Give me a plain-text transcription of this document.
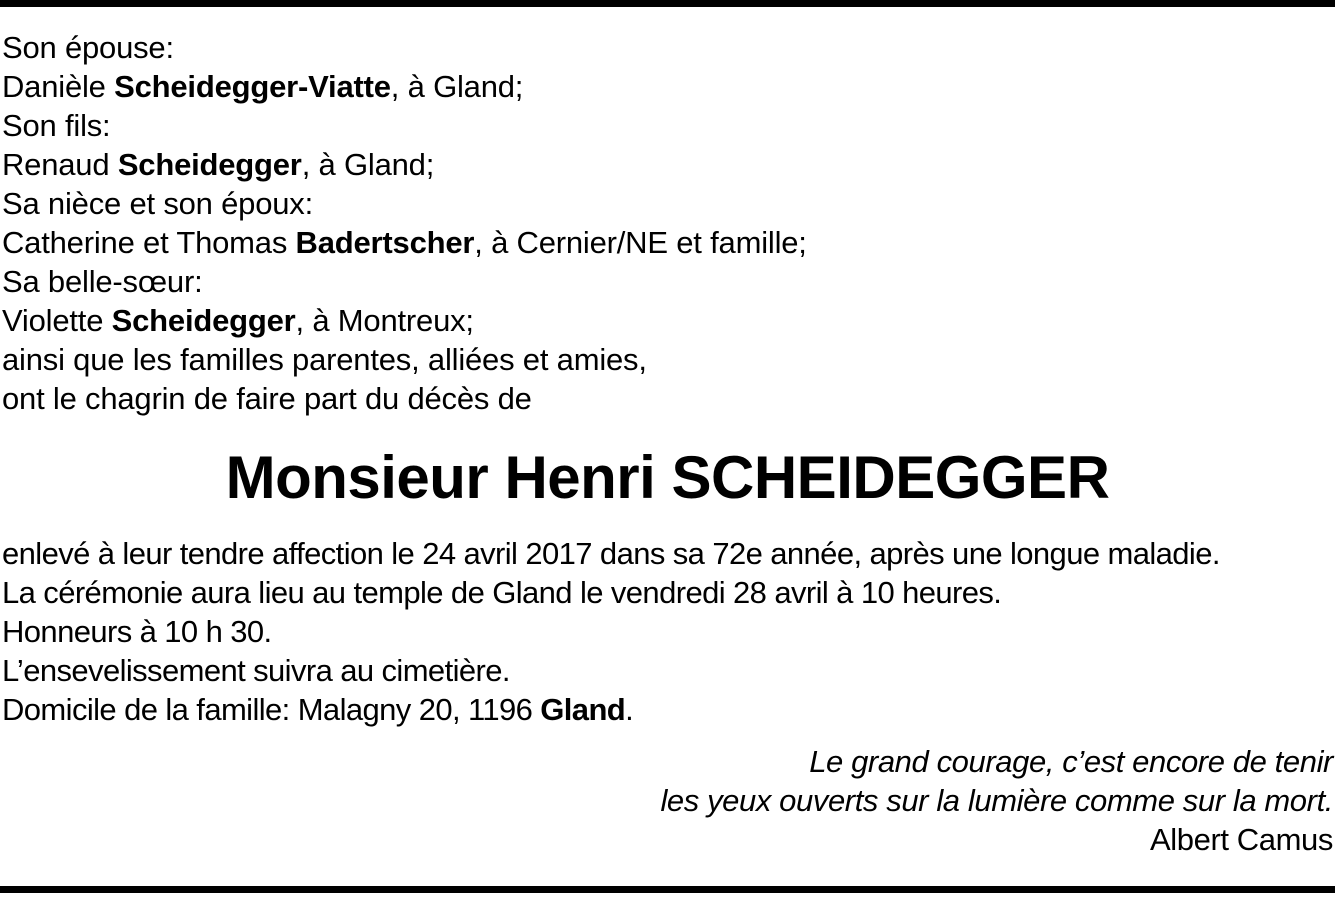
Son épouse:
Danièle Scheidegger-Viatte, à Gland;
Son fils:
Renaud Scheidegger, à Gland;
Sa nièce et son époux:
Catherine et Thomas Badertscher, à Cernier/NE et famille;
Sa belle-sœur:
Violette Scheidegger, à Montreux;
ainsi que les familles parentes, alliées et amies,
ont le chagrin de faire part du décès de
Monsieur Henri SCHEIDEGGER
enlevé à leur tendre affection le 24 avril 2017 dans sa 72e année, après une longue maladie.
La cérémonie aura lieu au temple de Gland le vendredi 28 avril à 10 heures.
Honneurs à 10 h 30.
L’ensevelissement suivra au cimetière.
Domicile de la famille: Malagny 20, 1196 Gland.
Le grand courage, c’est encore de tenir
les yeux ouverts sur la lumière comme sur la mort.
Albert Camus
